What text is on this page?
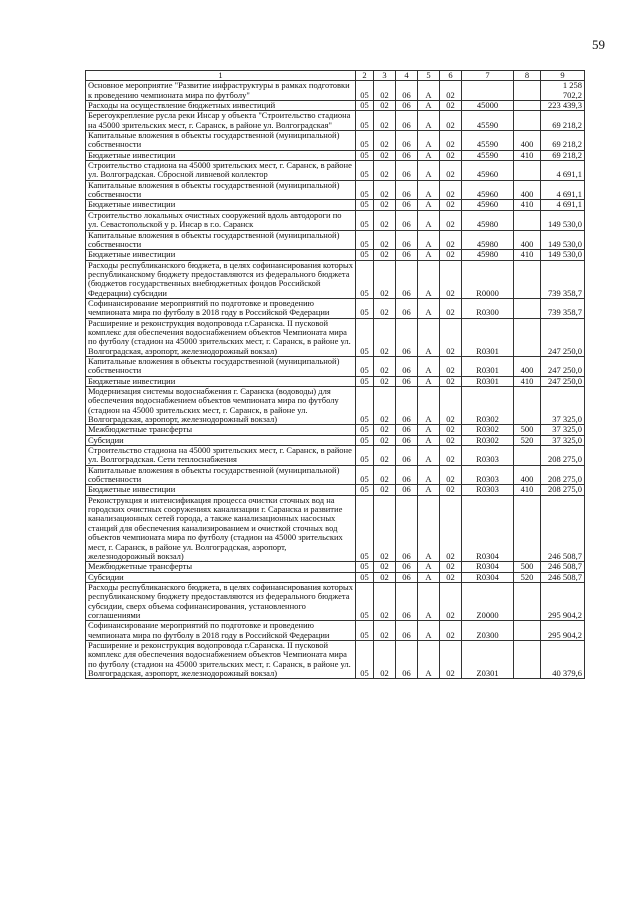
59
1	2	3	4	5	6	7	8	9
Основное мероприятие "Развитие инфраструктуры в рамках подготовки к проведению чемпионата мира по футболу"	05	02	06	А	02			1 258 702,2
Расходы на осуществление бюджетных инвестиций	05	02	06	А	02	45000		223 439,3
Берегоукрепление русла реки Инсар у объекта "Строительство стадиона на 45000 зрительских мест, г. Саранск, в районе ул. Волгоградская"	05	02	06	А	02	45590		69 218,2
Капитальные вложения в объекты государственной (муниципальной) собственности	05	02	06	А	02	45590	400	69 218,2
Бюджетные инвестиции	05	02	06	А	02	45590	410	69 218,2
Строительство стадиона на 45000 зрительских мест, г. Саранск, в районе ул. Волгоградская. Сбросной ливневой коллектор	05	02	06	А	02	45960		4 691,1
Капитальные вложения в объекты государственной (муниципальной) собственности	05	02	06	А	02	45960	400	4 691,1
Бюджетные инвестиции	05	02	06	А	02	45960	410	4 691,1
Строительство локальных очистных сооружений вдоль автодороги по ул. Севастопольской у р. Инсар в г.о. Саранск	05	02	06	А	02	45980		149 530,0
Капитальные вложения в объекты государственной (муниципальной) собственности	05	02	06	А	02	45980	400	149 530,0
Бюджетные инвестиции	05	02	06	А	02	45980	410	149 530,0
Расходы республиканского бюджета, в целях софинансирования которых республиканскому бюджету предоставляются из федерального бюджета (бюджетов государственных внебюджетных фондов Российской Федерации) субсидии	05	02	06	А	02	R0000		739 358,7
Софинансирование мероприятий по подготовке и проведению чемпионата мира по футболу в 2018 году в Российской Федерации	05	02	06	А	02	R0300		739 358,7
Расширение и реконструкция водопровода г.Саранска. II пусковой комплекс для обеспечения водоснабжением объектов Чемпионата мира по футболу (стадион на 45000 зрительских мест, г. Саранск, в районе ул. Волгоградская, аэропорт, железнодорожный вокзал)	05	02	06	А	02	R0301		247 250,0
Капитальные вложения в объекты государственной (муниципальной) собственности	05	02	06	А	02	R0301	400	247 250,0
Бюджетные инвестиции	05	02	06	А	02	R0301	410	247 250,0
Модернизация системы водоснабжения г. Саранска (водоводы) для обеспечения водоснабжением объектов чемпионата мира по футболу (стадион на 45000 зрительских мест, г. Саранск, в районе ул. Волгоградская, аэропорт, железнодорожный вокзал)	05	02	06	А	02	R0302		37 325,0
Межбюджетные трансферты	05	02	06	А	02	R0302	500	37 325,0
Субсидии	05	02	06	А	02	R0302	520	37 325,0
Строительство стадиона на 45000 зрительских мест, г. Саранск, в районе ул. Волгоградская. Сети теплоснабжения	05	02	06	А	02	R0303		208 275,0
Капитальные вложения в объекты государственной (муниципальной) собственности	05	02	06	А	02	R0303	400	208 275,0
Бюджетные инвестиции	05	02	06	А	02	R0303	410	208 275,0
Реконструкция и интенсификация процесса очистки сточных вод на городских очистных сооружениях канализации г. Саранска и развитие канализационных сетей города, а также канализационных насосных станций для обеспечения канализированием и очисткой сточных вод объектов чемпионата мира по футболу (стадион на 45000 зрительских мест, г. Саранск, в районе ул. Волгоградская, аэропорт, железнодорожный вокзал)	05	02	06	А	02	R0304		246 508,7
Межбюджетные трансферты	05	02	06	А	02	R0304	500	246 508,7
Субсидии	05	02	06	А	02	R0304	520	246 508,7
Расходы республиканского бюджета, в целях софинансирования которых республиканскому бюджету предоставляются из федерального бюджета субсидии, сверх объема софинансирования, установленного соглашениями	05	02	06	А	02	Z0000		295 904,2
Софинансирование мероприятий по подготовке и проведению чемпионата мира по футболу в 2018 году в Российской Федерации	05	02	06	А	02	Z0300		295 904,2
Расширение и реконструкция водопровода г.Саранска. II пусковой комплекс для обеспечения водоснабжением объектов Чемпионата мира по футболу (стадион на 45000 зрительских мест, г. Саранск, в районе ул. Волгоградская, аэропорт, железнодорожный вокзал)	05	02	06	А	02	Z0301		40 379,6
